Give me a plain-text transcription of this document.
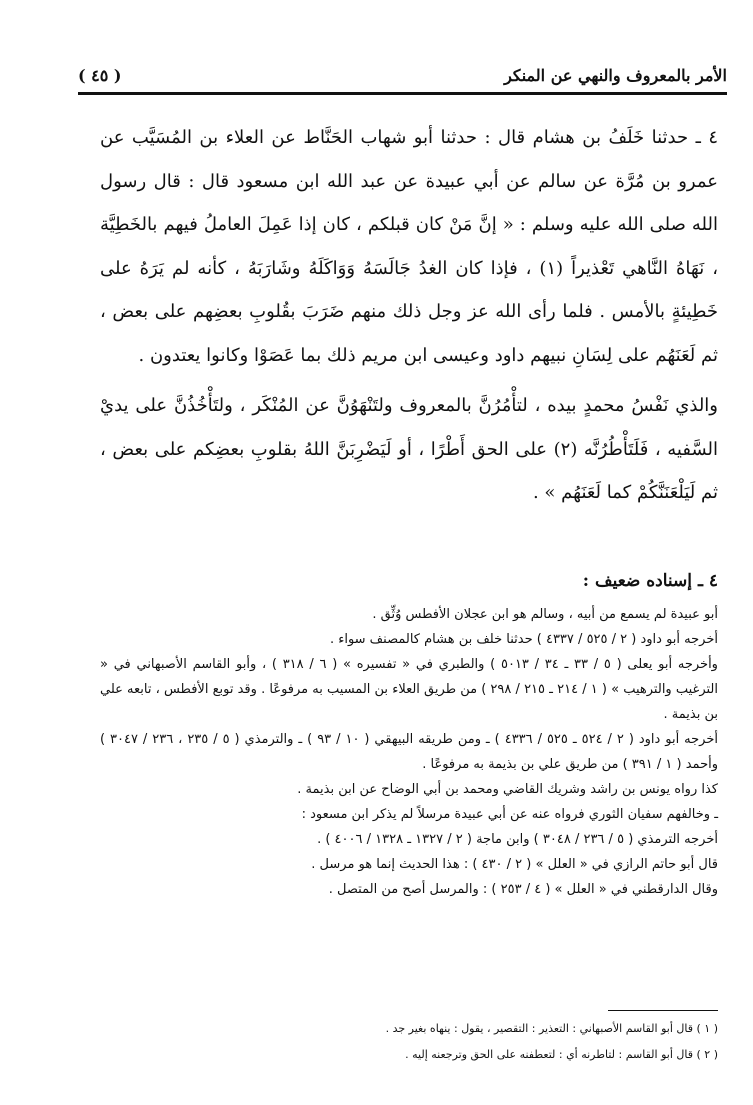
الأمر بالمعروف والنهي عن المنكر
( ٤٥ )

٤ ـ حدثنا خَلَفُ بن هشام قال : حدثنا أبو شهاب الحَنَّاط عن العلاء بن المُسَيَّب عن عمرو بن مُرَّة عن سالم عن أبي عبيدة عن عبد الله ابن مسعود قال : قال رسول الله صلى الله عليه وسلم : « إنَّ مَنْ كان قبلكم ، كان إذا عَمِلَ العاملُ فيهم بالخَطِيَّة ، نَهَاهُ النَّاهي تَعْذيراً (١) ، فإذا كان الغدُ جَالَسَهُ وَوَاكَلَهُ وشَارَبَهُ ، كأنه لم يَرَهُ على خَطِيئةٍ بالأمس . فلما رأى الله عز وجل ذلك منهم ضَرَبَ بقُلوبِ بعضِهم على بعض ، ثم لَعَنَهُم على لِسَانِ نبيهم داود وعيسى ابن مريم ذلك بما عَصَوْا وكانوا يعتدون .

والذي نَفْسُ محمدٍ بيده ، لتأْمُرُنَّ بالمعروف ولتَنْهَوُنَّ عن المُنْكَر ، ولتَأْخُذُنَّ على يديْ السَّفيه ، فَلَتَأْطُرُنَّه (٢) على الحق أَطْرًا ، أو لَيَضْرِبَنَّ اللهُ بقلوبِ بعضِكم على بعض ، ثم لَيَلْعَنَنَّكُمْ كما لَعَنَهُم » .

٤ ـ إسناده ضعيف :

أبو عبيدة لم يسمع من أبيه ، وسالم هو ابن عجلان الأفطس وُثِّق .

أخرجه أبو داود ( ٢ / ٥٢٥ / ٤٣٣٧ ) حدثنا خلف بن هشام كالمصنف سواء .

وأخرجه أبو يعلى ( ٥ / ٣٣ ـ ٣٤ / ٥٠١٣ ) والطبري في « تفسيره » ( ٦ / ٣١٨ ) ، وأبو القاسم الأصبهاني في « الترغيب والترهيب » ( ١ / ٢١٤ ـ ٢١٥ / ٢٩٨ ) من طريق العلاء بن المسيب به مرفوعًا . وقد توبع الأفطس ، تابعه علي بن بذيمة .

أخرجه أبو داود ( ٢ / ٥٢٤ ـ ٥٢٥ / ٤٣٣٦ ) ـ ومن طريقه البيهقي ( ١٠ / ٩٣ ) ـ والترمذي ( ٥ / ٢٣٥ ، ٢٣٦ / ٣٠٤٧ ) وأحمد ( ١ / ٣٩١ ) من طريق علي بن بذيمة به مرفوعًا .

كذا رواه يونس بن راشد وشريك القاضي ومحمد بن أبي الوضاح عن ابن بذيمة .

ـ وخالفهم سفيان الثوري فرواه عنه عن أبي عبيدة مرسلاً لم يذكر ابن مسعود :

أخرجه الترمذي ( ٥ / ٢٣٦ / ٣٠٤٨ ) وابن ماجة ( ٢ / ١٣٢٧ ـ ١٣٢٨ / ٤٠٠٦ ) .

قال أبو حاتم الرازي في « العلل » ( ٢ / ٤٣٠ ) : هذا الحديث إنما هو مرسل .

وقال الدارقطني في « العلل » ( ٤ / ٢٥٣ ) : والمرسل أصح من المتصل .

( ١ ) قال أبو القاسم الأصبهاني : التعذير : التقصير ، يقول : ينهاه بغير جد .

( ٢ ) قال أبو القاسم : لتاطرنه أي : لتعطفنه على الحق وترجعنه إليه .
